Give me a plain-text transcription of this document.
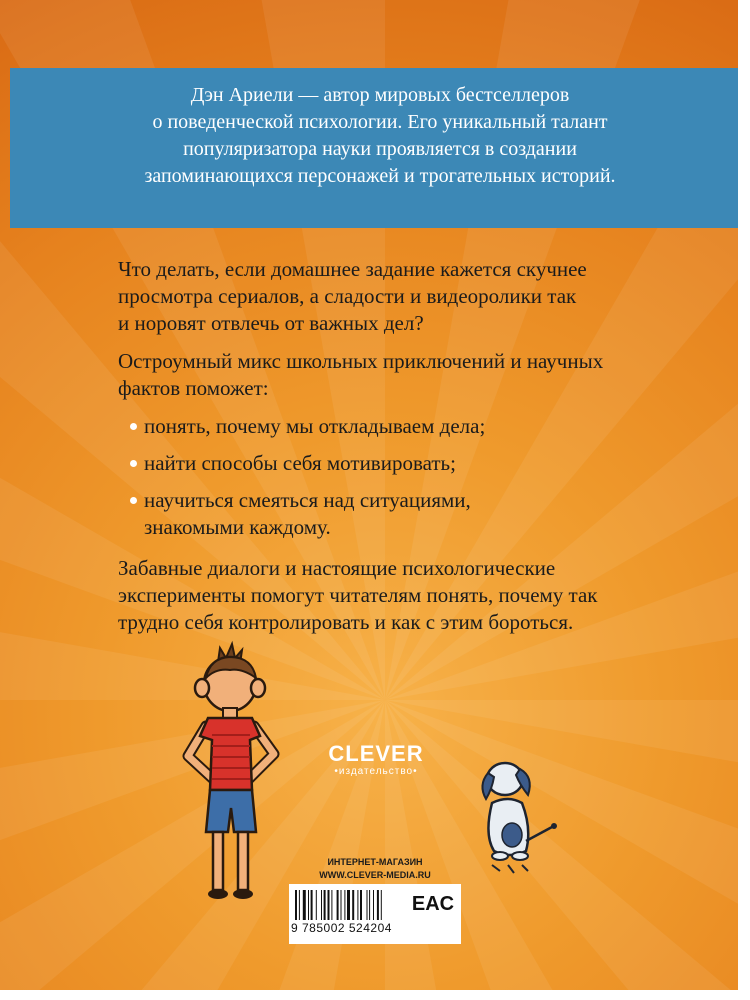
Дэн Ариели — автор мировых бестселлеров
о поведенческой психологии. Его уникальный талант
популяризатора науки проявляется в создании
запоминающихся персонажей и трогательных историй.
Что делать, если домашнее задание кажется скучнее
просмотра сериалов, а сладости и видеоролики так
и норовят отвлечь от важных дел?
Остроумный микс школьных приключений и научных
фактов поможет:
понять, почему мы откладываем дела;
найти способы себя мотивировать;
научиться смеяться над ситуациями,
знакомыми каждому.
Забавные диалоги и настоящие психологические
эксперименты помогут читателям понять, почему так
трудно себя контролировать и как с этим бороться.
CLEVER
•издательство•
ИНТЕРНЕТ-МАГАЗИН
WWW.CLEVER-MEDIA.RU
9 785002 524204
EAC
